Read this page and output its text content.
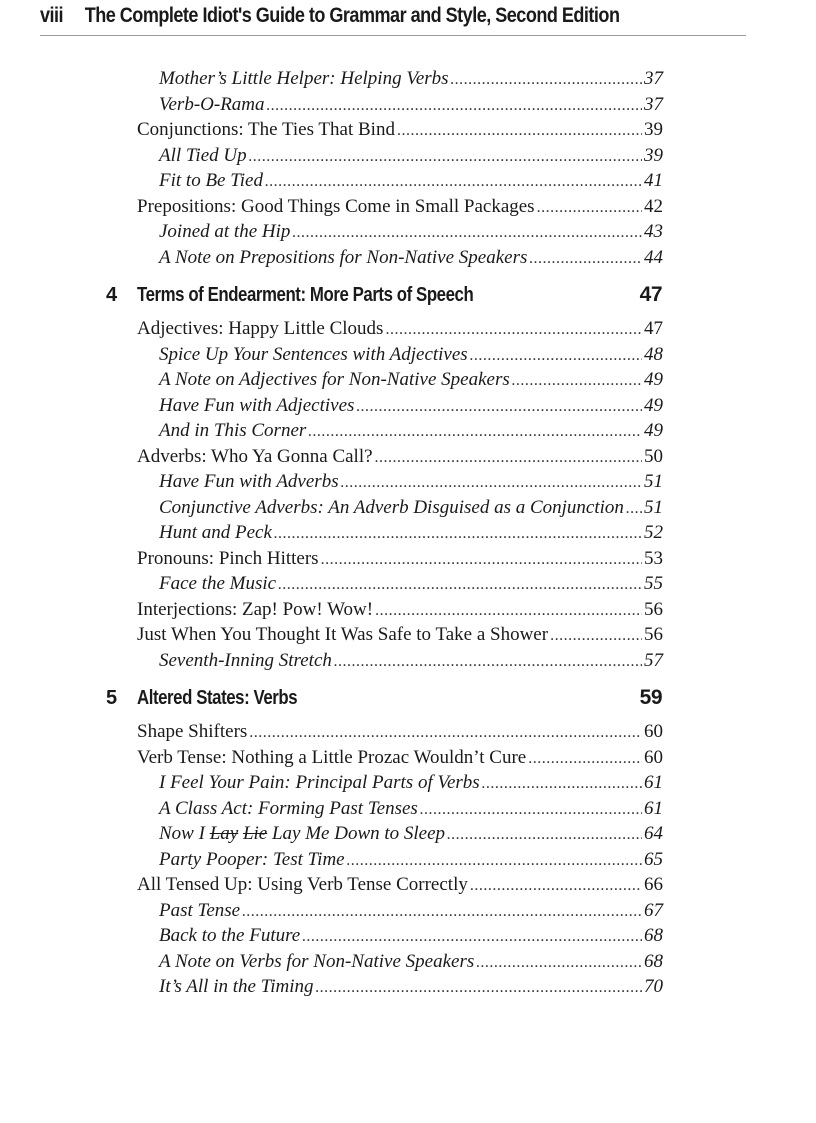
viii	The Complete Idiot's Guide to Grammar and Style, Second Edition
Mother’s Little Helper: Helping Verbs .....	37
Verb-O-Rama .....	37
Conjunctions: The Ties That Bind .....	39
All Tied Up .....	39
Fit to Be Tied .....	41
Prepositions: Good Things Come in Small Packages .....	42
Joined at the Hip .....	43
A Note on Prepositions for Non-Native Speakers .....	44
4	Terms of Endearment: More Parts of Speech	47
Adjectives: Happy Little Clouds .....	47
Spice Up Your Sentences with Adjectives .....	48
A Note on Adjectives for Non-Native Speakers .....	49
Have Fun with Adjectives .....	49
And in This Corner .....	49
Adverbs: Who Ya Gonna Call? .....	50
Have Fun with Adverbs .....	51
Conjunctive Adverbs: An Adverb Disguised as a Conjunction ..... 51
Hunt and Peck .....	52
Pronouns: Pinch Hitters .....	53
Face the Music .....	55
Interjections: Zap! Pow! Wow! .....	56
Just When You Thought It Was Safe to Take a Shower .....	56
Seventh-Inning Stretch .....	57
5	Altered States: Verbs	59
Shape Shifters .....	60
Verb Tense: Nothing a Little Prozac Wouldn’t Cure .....	60
I Feel Your Pain: Principal Parts of Verbs .....	61
A Class Act: Forming Past Tenses .....	61
Now I Lay Lie Lay Me Down to Sleep .....	64
Party Pooper: Test Time .....	65
All Tensed Up: Using Verb Tense Correctly .....	66
Past Tense .....	67
Back to the Future .....	68
A Note on Verbs for Non-Native Speakers .....	68
It’s All in the Timing .....	70
